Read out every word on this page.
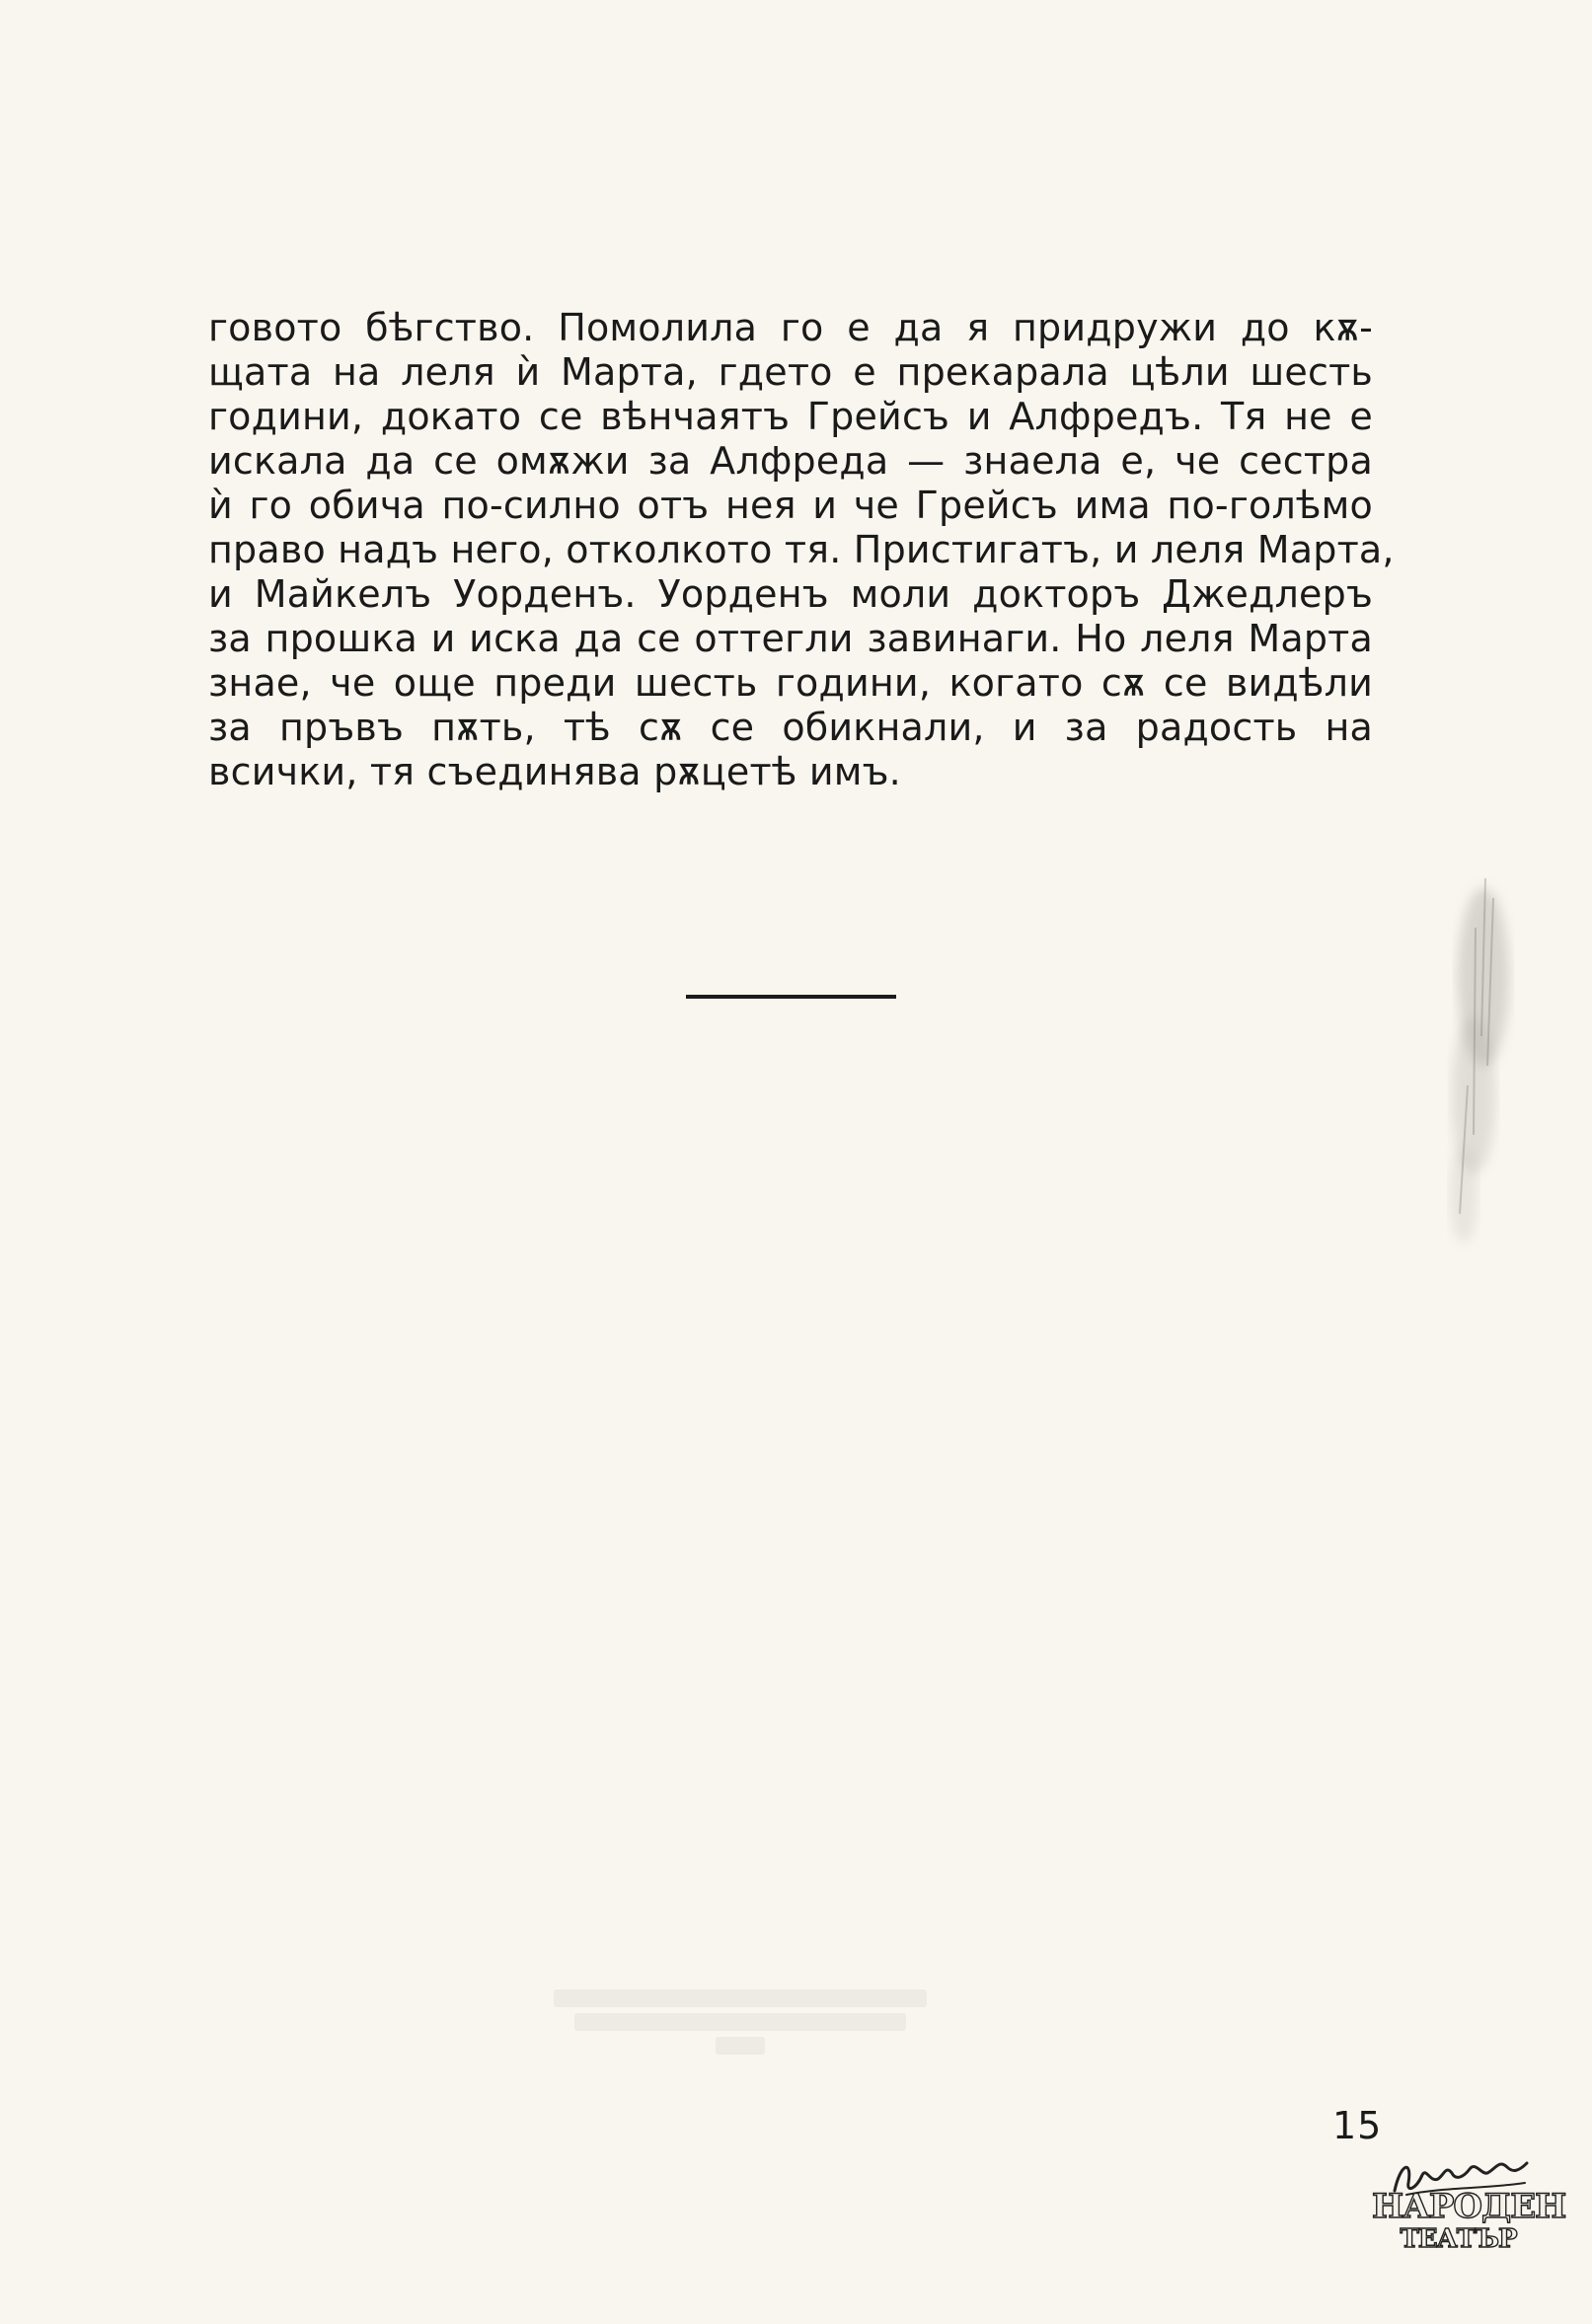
говото бѣгство. Помолила го е да я придружи до кѫ-
щата на леля ѝ Марта, гдето е прекарала цѣли шесть
години, докато се вѣнчаятъ Грейсъ и Алфредъ. Тя не е
искала да се омѫжи за Алфреда — знаела е, че сестра
ѝ го обича по-силно отъ нея и че Грейсъ има по-голѣмо
право надъ него, отколкото тя. Пристигатъ, и леля Марта,
и Майкелъ Уорденъ. Уорденъ моли докторъ Джедлеръ
за прошка и иска да се оттегли завинаги. Но леля Марта
знае, че още преди шесть години, когато сѫ се видѣли
за пръвъ пѫть, тѣ сѫ се обикнали, и за радость на
всички, тя съединява рѫцетѣ имъ.
15
НАРОДЕН
ТЕАТЪР
